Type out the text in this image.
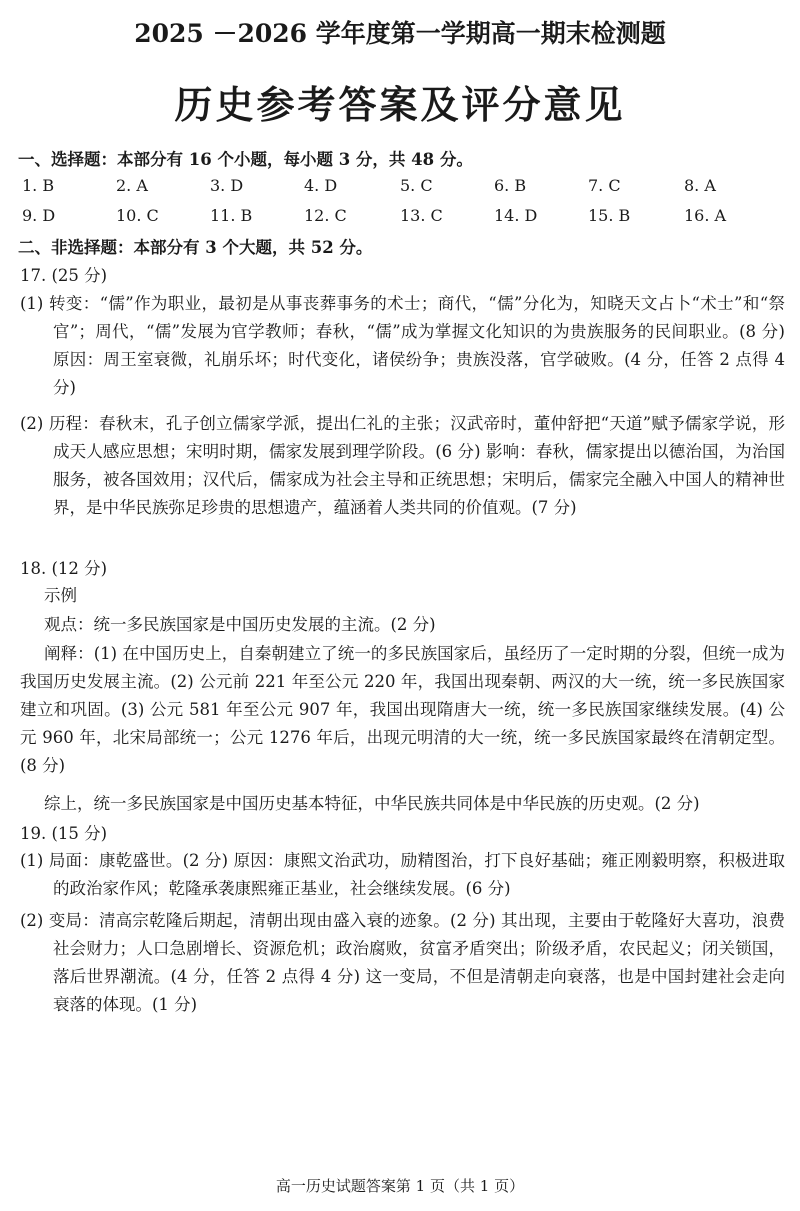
2025 －2026 学年度第一学期高一期末检测题
历史参考答案及评分意见
一、选择题：本部分有 16 个小题，每小题 3 分，共 48 分。
1. B	2. A	3. D	4. D	5. C	6. B	7. C	8. A
9. D	10. C	11. B	12. C	13. C	14. D	15. B	16. A
二、非选择题：本部分有 3 个大题，共 52 分。
17. (25 分)
(1) 转变：“儒”作为职业，最初是从事丧葬事务的术士；商代，“儒”分化为，知晓天文占卜“术士”和“祭官”；周代，“儒”发展为官学教师；春秋，“儒”成为掌握文化知识的为贵族服务的民间职业。(8 分) 原因：周王室衰微，礼崩乐坏；时代变化，诸侯纷争；贵族没落，官学破败。(4 分，任答 2 点得 4 分)
(2) 历程：春秋末，孔子创立儒家学派，提出仁礼的主张；汉武帝时，董仲舒把“天道”赋予儒家学说，形成天人感应思想；宋明时期，儒家发展到理学阶段。(6 分) 影响：春秋，儒家提出以德治国，为治国服务，被各国效用；汉代后，儒家成为社会主导和正统思想；宋明后，儒家完全融入中国人的精神世界，是中华民族弥足珍贵的思想遗产，蕴涵着人类共同的价值观。(7 分)
18. (12 分)
示例
观点：统一多民族国家是中国历史发展的主流。(2 分)
阐释：(1) 在中国历史上，自秦朝建立了统一的多民族国家后，虽经历了一定时期的分裂，但统一成为我国历史发展主流。(2) 公元前 221 年至公元 220 年，我国出现秦朝、两汉的大一统，统一多民族国家建立和巩固。(3) 公元 581 年至公元 907 年，我国出现隋唐大一统，统一多民族国家继续发展。(4) 公元 960 年，北宋局部统一；公元 1276 年后，出现元明清的大一统，统一多民族国家最终在清朝定型。(8 分)
综上，统一多民族国家是中国历史基本特征，中华民族共同体是中华民族的历史观。(2 分)
19. (15 分)
(1) 局面：康乾盛世。(2 分) 原因：康熙文治武功，励精图治，打下良好基础；雍正刚毅明察，积极进取的政治家作风；乾隆承袭康熙雍正基业，社会继续发展。(6 分)
(2) 变局：清高宗乾隆后期起，清朝出现由盛入衰的迹象。(2 分) 其出现，主要由于乾隆好大喜功，浪费社会财力；人口急剧增长、资源危机；政治腐败，贫富矛盾突出；阶级矛盾，农民起义；闭关锁国，落后世界潮流。(4 分，任答 2 点得 4 分) 这一变局，不但是清朝走向衰落，也是中国封建社会走向衰落的体现。(1 分)
高一历史试题答案第 1 页（共 1 页）
